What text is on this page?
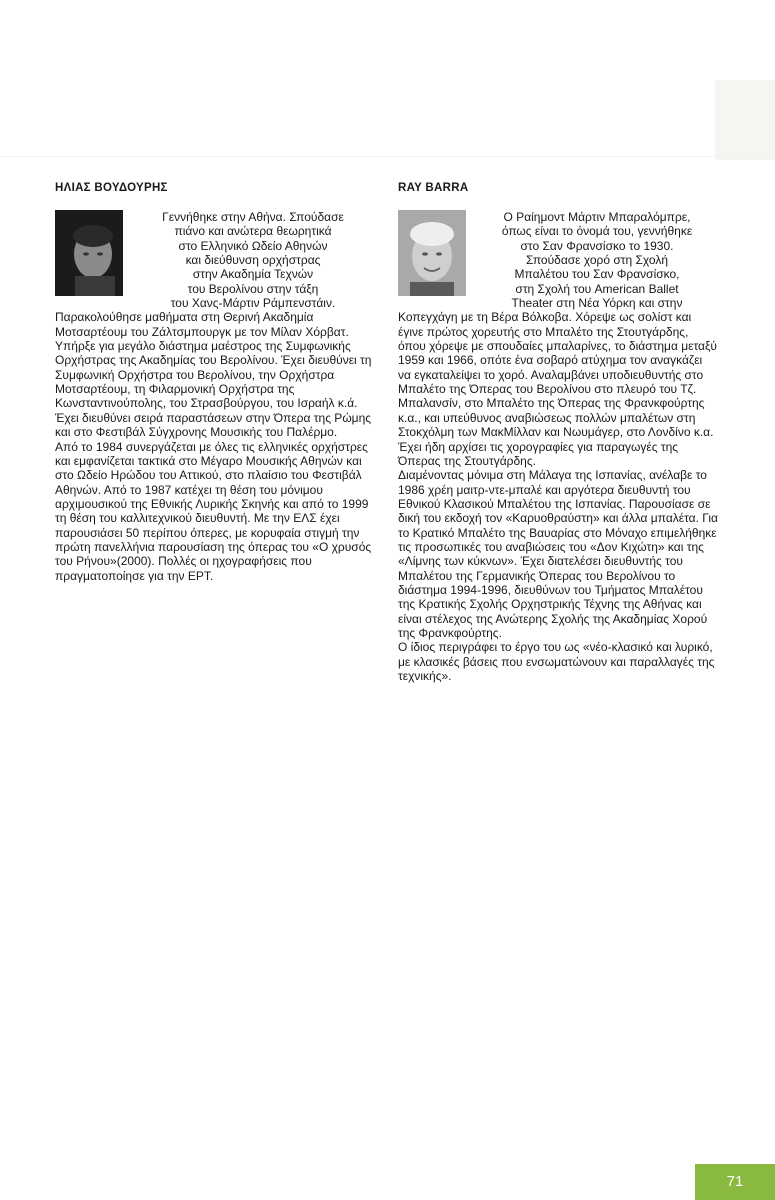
ΗΛΙΑΣ ΒΟΥΔΟΥΡΗΣ

Γεννήθηκε στην Αθήνα. Σπούδασε
πιάνο και ανώτερα θεωρητικά
στο Ελληνικό Ωδείο Αθηνών
και διεύθυνση ορχήστρας
στην Ακαδημία Τεχνών
του Βερολίνου στην τάξη
του Χανς-Μάρτιν Ράμπενστάιν.
Παρακολούθησε μαθήματα στη Θερινή Ακαδημία Μοτσαρτέουμ του Ζάλτσμπουργκ με τον Μίλαν Χόρβατ. Υπήρξε για μεγάλο διάστημα μαέστρος της Συμφωνικής Ορχήστρας της Ακαδημίας του Βερολίνου. Έχει διευθύνει τη Συμφωνική Ορχήστρα του Βερολίνου, την Ορχήστρα Μοτσαρτέουμ, τη Φιλαρμονική Ορχήστρα της Κωνσταντινούπολης, του Στρασβούργου, του Ισραήλ κ.ά. Έχει διευθύνει σειρά παραστάσεων στην Όπερα της Ρώμης και στο Φεστιβάλ Σύγχρονης Μουσικής του Παλέρμο.
Από το 1984 συνεργάζεται με όλες τις ελληνικές ορχήστρες και εμφανίζεται τακτικά στο Μέγαρο Μουσικής Αθηνών και στο Ωδείο Ηρώδου του Αττικού, στο πλαίσιο του Φεστιβάλ Αθηνών. Από το 1987 κατέχει τη θέση του μόνιμου αρχιμουσικού της Εθνικής Λυρικής Σκηνής και από το 1999 τη θέση του καλλιτεχνικού διευθυντή. Με την ΕΛΣ έχει παρουσιάσει 50 περίπου όπερες, με κορυφαία στιγμή την πρώτη πανελλήνια παρουσίαση της όπερας του «Ο χρυσός του Ρήνου»(2000). Πολλές οι ηχογραφήσεις που πραγματοποίησε για την ΕΡΤ.

RAY BARRA

Ο Ραίημοντ Μάρτιν Μπαραλόμπρε,
όπως είναι το όνομά του, γεννήθηκε
στο Σαν Φρανσίσκο το 1930.
Σπούδασε χορό στη Σχολή
Μπαλέτου του Σαν Φρανσίσκο,
στη Σχολή του American Ballet
Theater στη Νέα Υόρκη και στην
Κοπεγχάγη με τη Βέρα Βόλκοβα. Χόρεψε ως σολίστ και έγινε πρώτος χορευτής στο Μπαλέτο της Στουτγάρδης, όπου χόρεψε με σπουδαίες μπαλαρίνες, το διάστημα μεταξύ 1959 και 1966, οπότε ένα σοβαρό ατύχημα τον αναγκάζει να εγκαταλείψει το χορό. Αναλαμβάνει υποδιευθυντής στο Μπαλέτο της Όπερας του Βερολίνου στο πλευρό του Τζ. Μπαλανσίν, στο Μπαλέτο της Όπερας της Φρανκφούρτης κ.α., και υπεύθυνος αναβιώσεως πολλών μπαλέτων στη Στοκχόλμη των ΜακΜίλλαν και Νωυμάγερ, στο Λονδίνο κ.α. Έχει ήδη αρχίσει τις χορογραφίες για παραγωγές της Όπερας της Στουτγάρδης.
Διαμένοντας μόνιμα στη Μάλαγα της Ισπανίας, ανέλαβε το 1986 χρέη μαιτρ-ντε-μπαλέ και αργότερα διευθυντή του Εθνικού Κλασικού Μπαλέτου της Ισπανίας. Παρουσίασε σε δική του εκδοχή τον «Καρυοθραύστη» και άλλα μπαλέτα. Για το Κρατικό Μπαλέτο της Βαυαρίας στο Μόναχο επιμελήθηκε τις προσωπικές του αναβιώσεις του «Δον Κιχώτη» και της «Λίμνης των κύκνων». Έχει διατελέσει διευθυντής του Μπαλέτου της Γερμανικής Όπερας του Βερολίνου το διάστημα 1994-1996, διευθύνων του Τμήματος Μπαλέτου της Κρατικής Σχολής Ορχηστρικής Τέχνης της Αθήνας και είναι στέλεχος της Ανώτερης Σχολής της Ακαδημίας Χορού της Φρανκφούρτης.
Ο ίδιος περιγράφει το έργο του ως «νέο-κλασικό και λυρικό, με κλασικές βάσεις που ενσωματώνουν και παραλλαγές της τεχνικής».

71
